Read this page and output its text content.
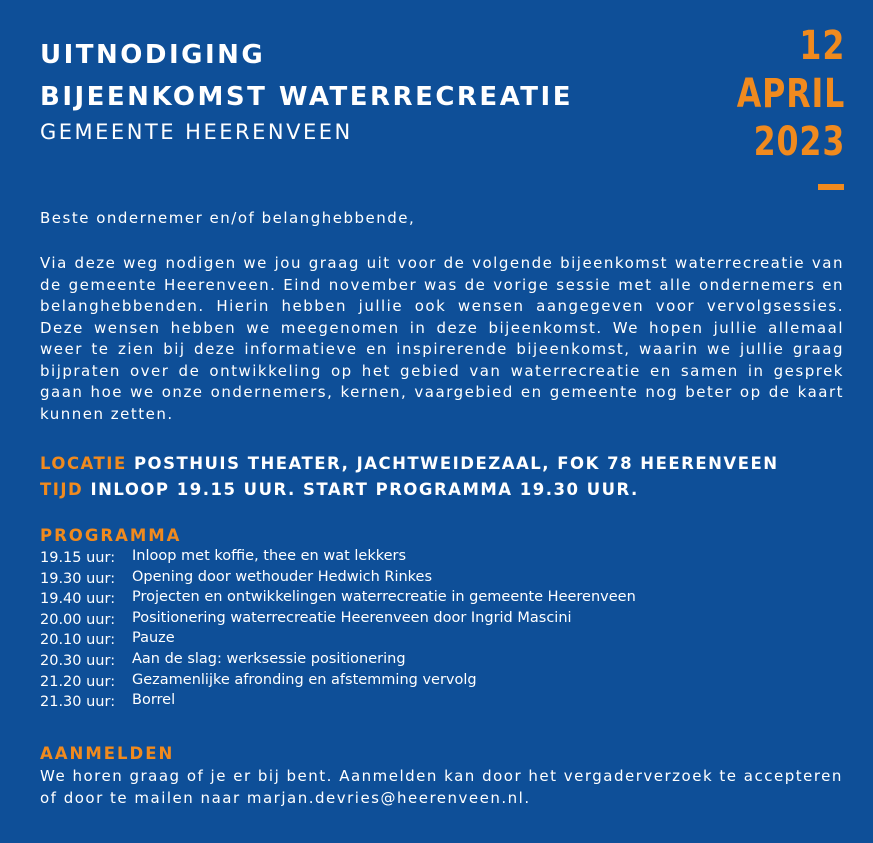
UITNODIGING
BIJEENKOMST WATERRECREATIE
GEMEENTE HEERENVEEN
12
APRIL
2023
Beste ondernemer en/of belanghebbende,
Via deze weg nodigen we jou graag uit voor de volgende bijeenkomst waterrecreatie van de gemeente Heerenveen. Eind november was de vorige sessie met alle ondernemers en belanghebbenden. Hierin hebben jullie ook wensen aangegeven voor vervolgsessies. Deze wensen hebben we meegenomen in deze bijeenkomst. We hopen jullie allemaal weer te zien bij deze informatieve en inspirerende bijeenkomst, waarin we jullie graag bijpraten over de ontwikkeling op het gebied van waterrecreatie en samen in gesprek gaan hoe we onze ondernemers, kernen, vaargebied en gemeente nog beter op de kaart kunnen zetten.
LOCATIE POSTHUIS THEATER, JACHTWEIDEZAAL, FOK 78 HEERENVEEN
TIJD INLOOP 19.15 UUR. START PROGRAMMA 19.30 UUR.
PROGRAMMA
19.15 uur:	Inloop met koffie, thee en wat lekkers
19.30 uur:	Opening door wethouder Hedwich Rinkes
19.40 uur:	Projecten en ontwikkelingen waterrecreatie in gemeente Heerenveen
20.00 uur:	Positionering waterrecreatie Heerenveen door Ingrid Mascini
20.10 uur:	Pauze
20.30 uur:	Aan de slag: werksessie positionering
21.20 uur:	Gezamenlijke afronding en afstemming vervolg
21.30 uur:	Borrel
AANMELDEN
We horen graag of je er bij bent. Aanmelden kan door het vergaderverzoek te accepteren of door te mailen naar marjan.devries@heerenveen.nl.
